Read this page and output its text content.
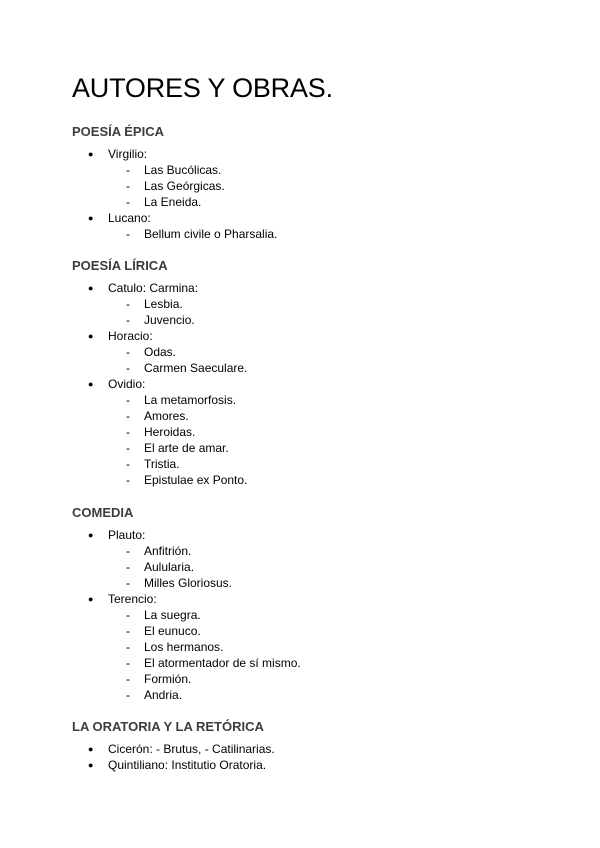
AUTORES Y OBRAS.
POESÍA ÉPICA
● Virgilio:
- Las Bucólicas.
- Las Geórgicas.
- La Eneida.
● Lucano:
- Bellum civile o Pharsalia.
POESÍA LÍRICA
● Catulo: Carmina:
- Lesbia.
- Juvencio.
● Horacio:
- Odas.
- Carmen Saeculare.
● Ovidio:
- La metamorfosis.
- Amores.
- Heroidas.
- El arte de amar.
- Tristia.
- Epistulae ex Ponto.
COMEDIA
● Plauto:
- Anfitrión.
- Aulularia.
- Milles Gloriosus.
● Terencio:
- La suegra.
- El eunuco.
- Los hermanos.
- El atormentador de sí mismo.
- Formión.
- Andria.
LA ORATORIA Y LA RETÓRICA
● Cicerón: - Brutus, - Catilinarias.
● Quintiliano: Institutio Oratoria.
